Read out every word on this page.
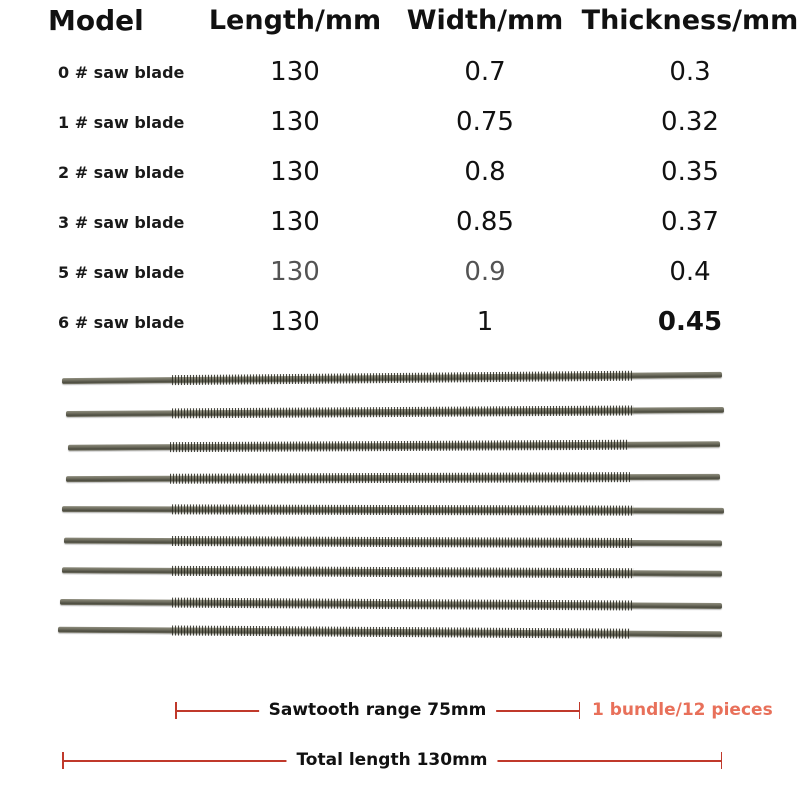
Model	Length/mm	Width/mm	Thickness/mm
0 # saw blade	130	0.7	0.3
1 # saw blade	130	0.75	0.32
2 # saw blade	130	0.8	0.35
3 # saw blade	130	0.85	0.37
5 # saw blade	130	0.9	0.4
6 # saw blade	130	1	0.45
Sawtooth range 75mm	1 bundle/12 pieces
Total length 130mm
